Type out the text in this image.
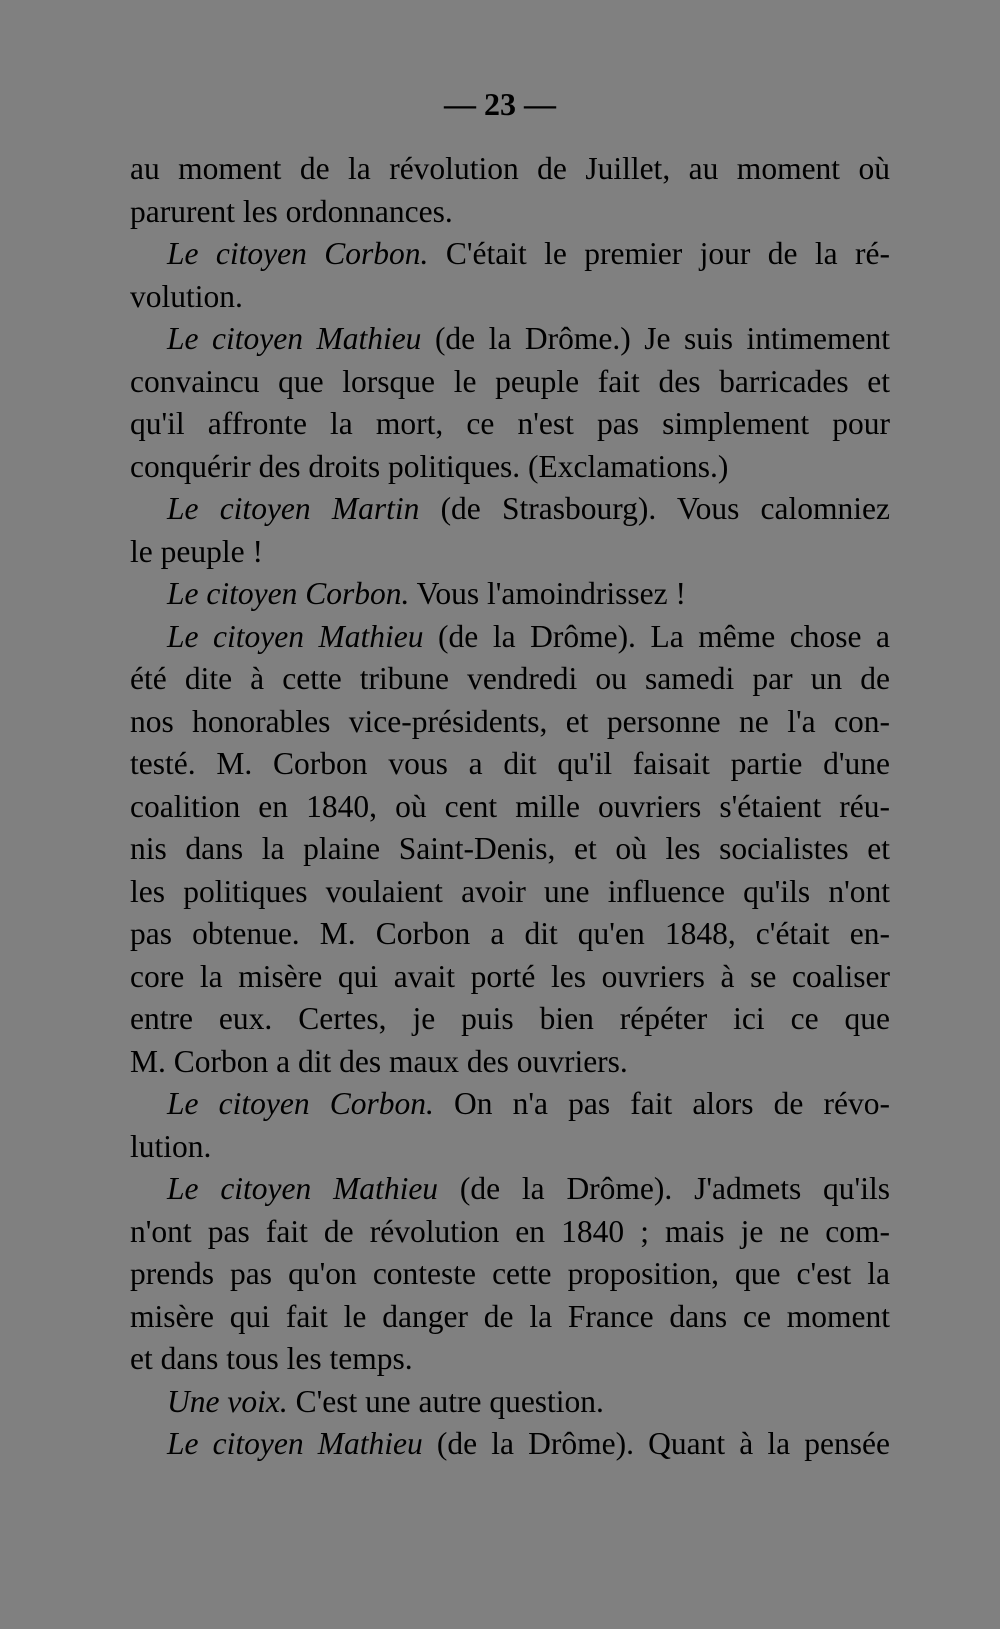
— 23 —
au moment de la révolution de Juillet, au moment où
parurent les ordonnances.
Le citoyen Corbon. C'était le premier jour de la ré-
volution.
Le citoyen Mathieu (de la Drôme.) Je suis intimement
convaincu que lorsque le peuple fait des barricades et
qu'il affronte la mort, ce n'est pas simplement pour
conquérir des droits politiques. (Exclamations.)
Le citoyen Martin (de Strasbourg). Vous calomniez
le peuple !
Le citoyen Corbon. Vous l'amoindrissez !
Le citoyen Mathieu (de la Drôme). La même chose a
été dite à cette tribune vendredi ou samedi par un de
nos honorables vice-présidents, et personne ne l'a con-
testé. M. Corbon vous a dit qu'il faisait partie d'une
coalition en 1840, où cent mille ouvriers s'étaient réu-
nis dans la plaine Saint-Denis, et où les socialistes et
les politiques voulaient avoir une influence qu'ils n'ont
pas obtenue. M. Corbon a dit qu'en 1848, c'était en-
core la misère qui avait porté les ouvriers à se coaliser
entre eux. Certes, je puis bien répéter ici ce que
M. Corbon a dit des maux des ouvriers.
Le citoyen Corbon. On n'a pas fait alors de révo-
lution.
Le citoyen Mathieu (de la Drôme). J'admets qu'ils
n'ont pas fait de révolution en 1840 ; mais je ne com-
prends pas qu'on conteste cette proposition, que c'est la
misère qui fait le danger de la France dans ce moment
et dans tous les temps.
Une voix. C'est une autre question.
Le citoyen Mathieu (de la Drôme). Quant à la pensée
